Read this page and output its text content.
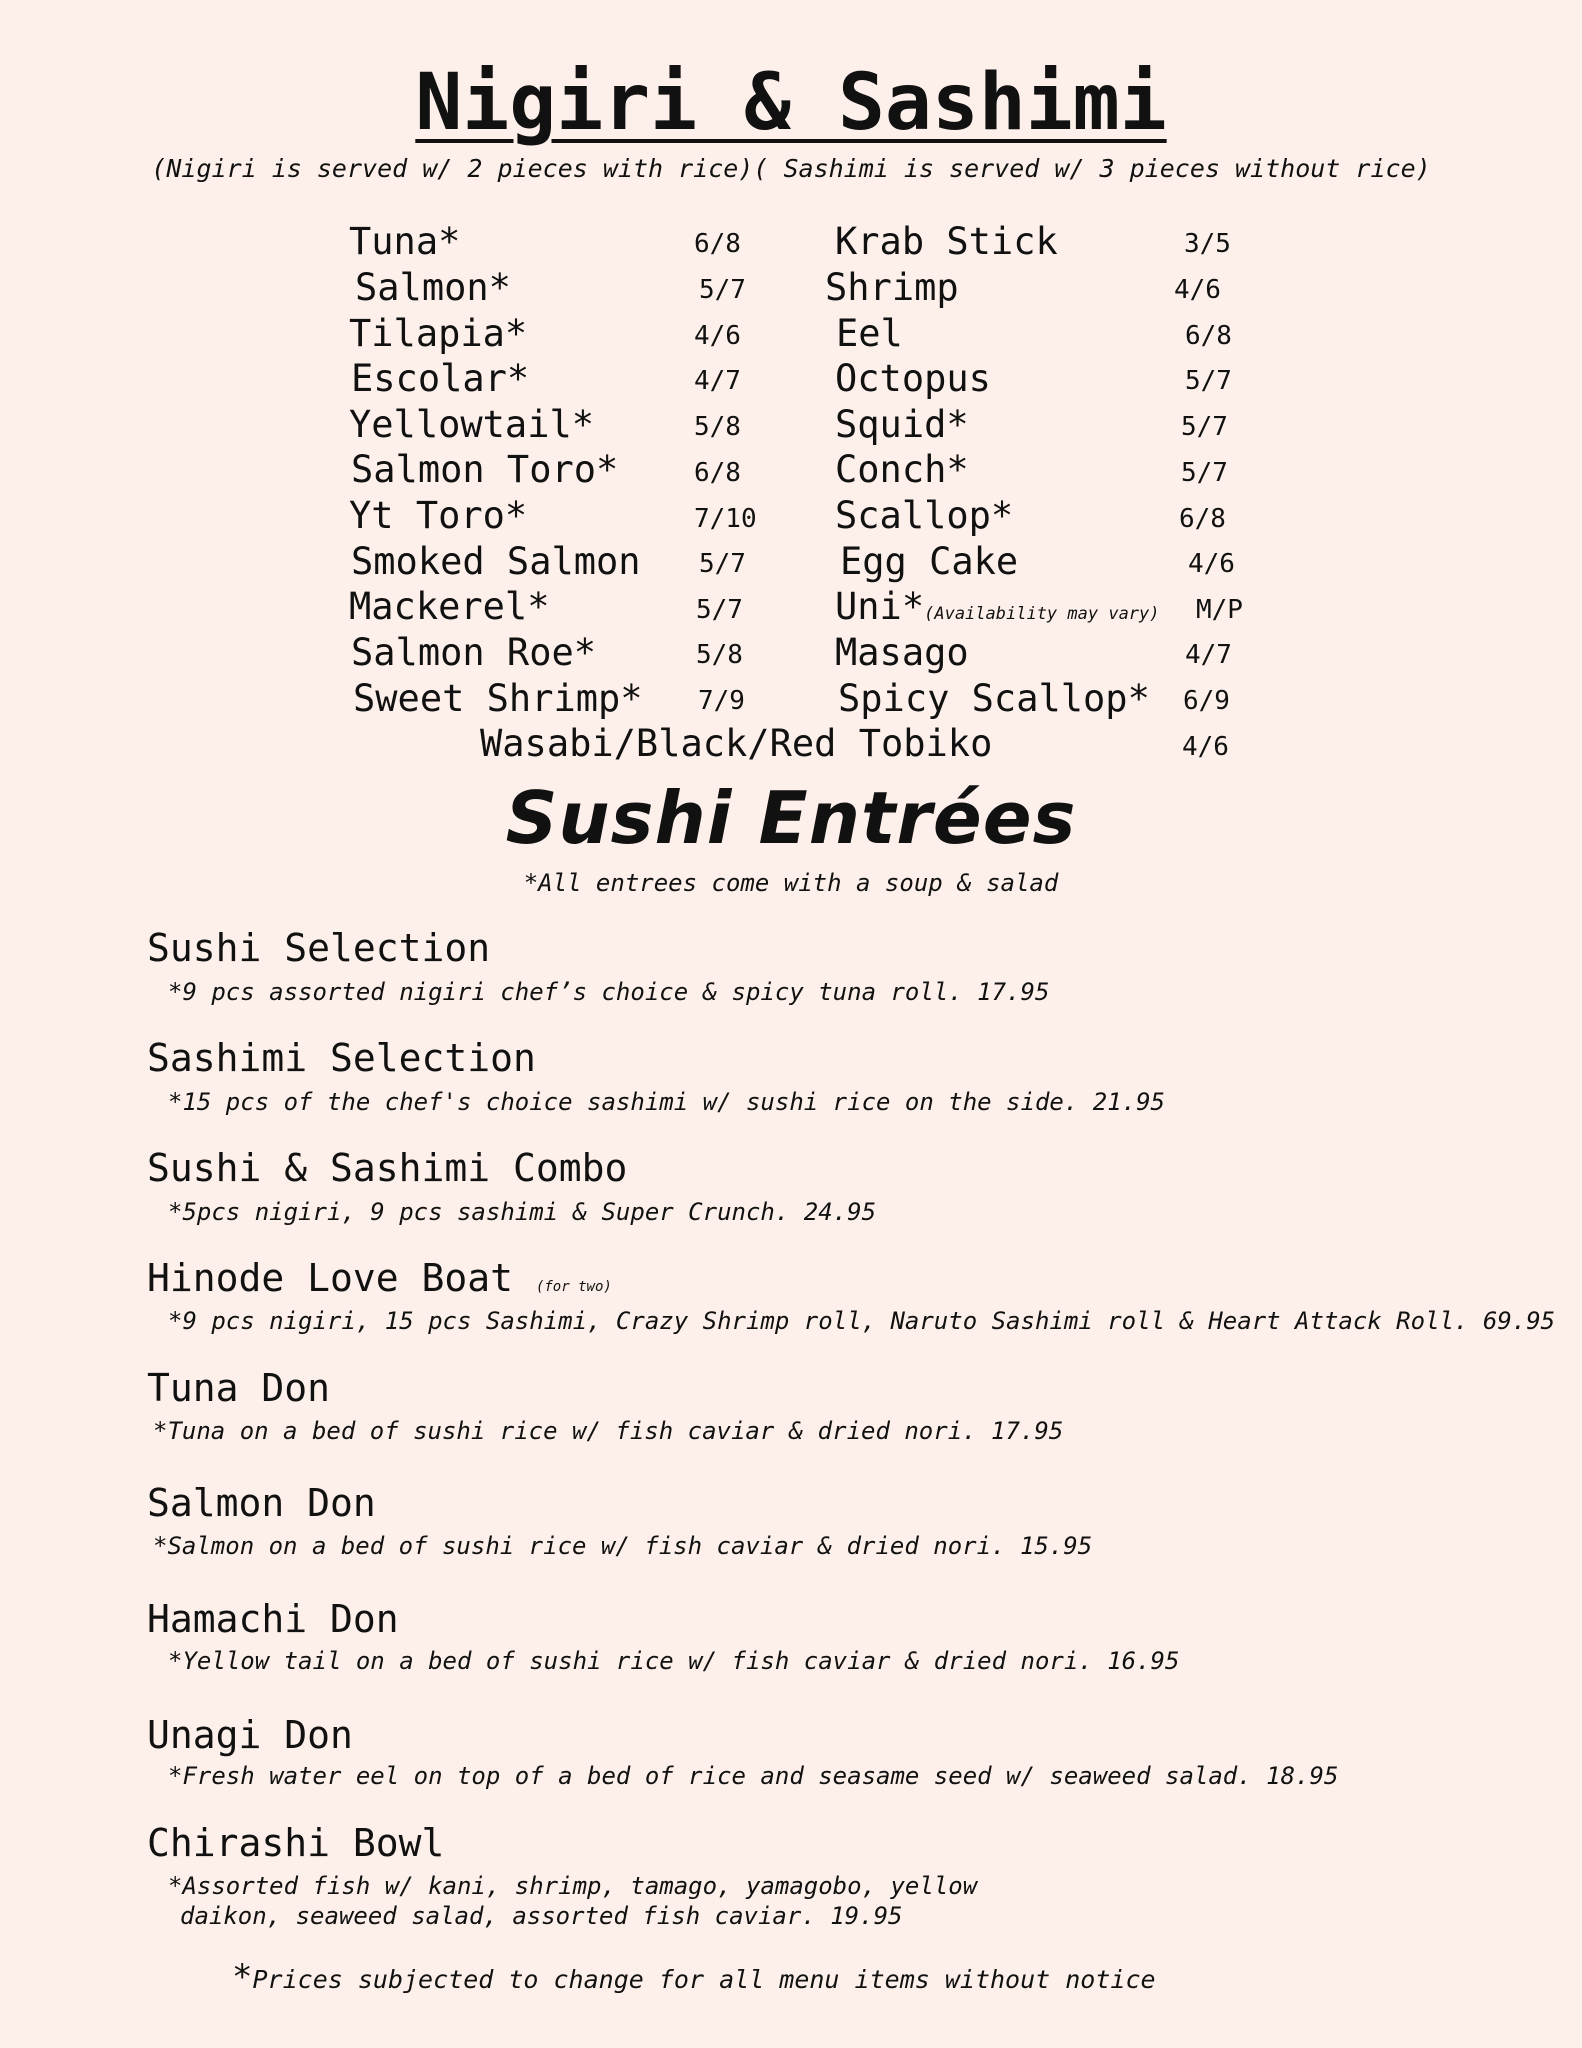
Nigiri & Sashimi
(Nigiri is served w/ 2 pieces with rice)( Sashimi is served w/ 3 pieces without rice)
Tuna*	6/8
Salmon*	5/7
Tilapia*	4/6
Escolar*	4/7
Yellowtail*	5/8
Salmon Toro*	6/8
Yt Toro*	7/10
Smoked Salmon 5/7
Mackerel*	5/7
Salmon Roe*	5/8
Sweet Shrimp* 7/9
Krab Stick	3/5
Shrimp	4/6
Eel	6/8
Octopus	5/7
Squid*	5/7
Conch*	5/7
Scallop*	6/8
Egg Cake	4/6
Uni*(Availability may vary) M/P
Masago	4/7
Spicy Scallop* 6/9
Wasabi/Black/Red Tobiko	4/6
Sushi Entrées
*All entrees come with a soup & salad
Sushi Selection
*9 pcs assorted nigiri chef’s choice & spicy tuna roll. 17.95
Sashimi Selection
*15 pcs of the chef's choice sashimi w/ sushi rice on the side. 21.95
Sushi & Sashimi Combo
*5pcs nigiri, 9 pcs sashimi & Super Crunch. 24.95
Hinode Love Boat (for two)
*9 pcs nigiri, 15 pcs Sashimi, Crazy Shrimp roll, Naruto Sashimi roll & Heart Attack Roll. 69.95
Tuna Don
*Tuna on a bed of sushi rice w/ fish caviar & dried nori. 17.95
Salmon Don
*Salmon on a bed of sushi rice w/ fish caviar & dried nori. 15.95
Hamachi Don
*Yellow tail on a bed of sushi rice w/ fish caviar & dried nori. 16.95
Unagi Don
*Fresh water eel on top of a bed of rice and seasame seed w/ seaweed salad. 18.95
Chirashi Bowl
*Assorted fish w/ kani, shrimp, tamago, yamagobo, yellow
daikon, seaweed salad, assorted fish caviar. 19.95
*Prices subjected to change for all menu items without notice
